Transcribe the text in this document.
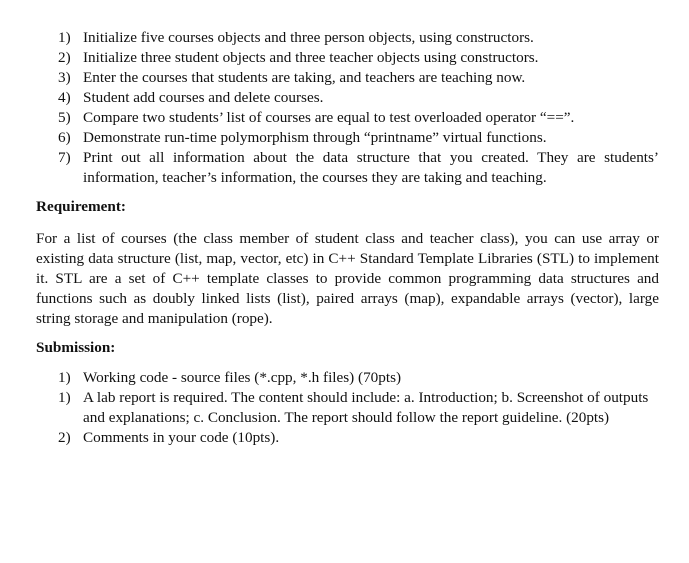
1) Initialize five courses objects and three person objects, using constructors.
2) Initialize three student objects and three teacher objects using constructors.
3) Enter the courses that students are taking, and teachers are teaching now.
4) Student add courses and delete courses.
5) Compare two students’ list of courses are equal to test overloaded operator “==”.
6) Demonstrate run-time polymorphism through “printname” virtual functions.
7) Print out all information about the data structure that you created. They are students’ information, teacher’s information, the courses they are taking and teaching.
Requirement:

For a list of courses (the class member of student class and teacher class), you can use array or existing data structure (list, map, vector, etc) in C++ Standard Template Libraries (STL) to implement it. STL are a set of C++ template classes to provide common programming data structures and functions such as doubly linked lists (list), paired arrays (map), expandable arrays (vector), large string storage and manipulation (rope).

Submission:
1) Working code - source files (*.cpp, *.h files) (70pts)
1) A lab report is required. The content should include: a. Introduction; b. Screenshot of outputs and explanations; c. Conclusion. The report should follow the report guideline. (20pts)
2) Comments in your code (10pts).
